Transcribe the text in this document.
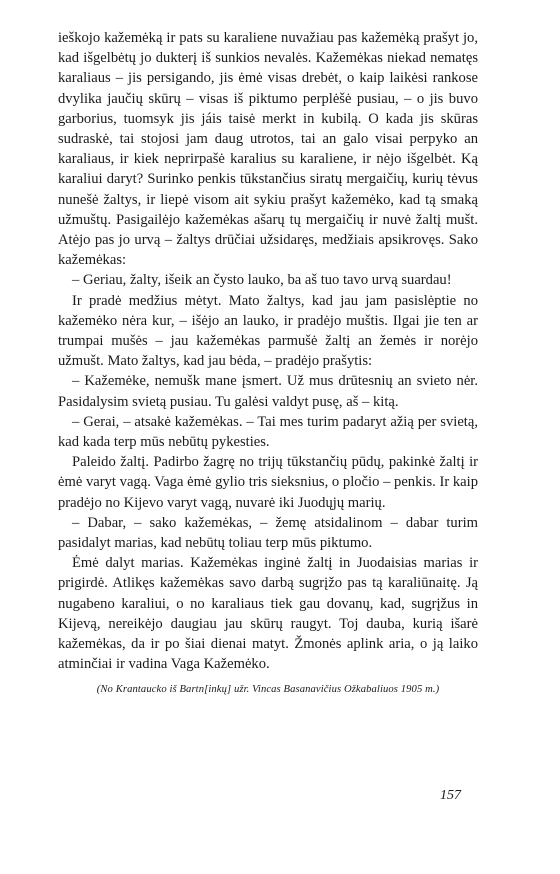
ieškojo kažemėką ir pats su karaliene nuvažiau pas kažemėką prašyt jo, kad išgelbėtų jo dukterį iš sunkios nevalės. Kažemėkas niekad nematęs karaliaus – jis persigando, jis ėmė visas drebėt, o kaip laikėsi rankose dvylika jaučių skūrų – visas iš piktumo perplėšė pusiau, – o jis buvo garborius, tuomsyk jis jáis taisė merkt in kubilą. O kada jis skūras sudraskė, tai stojosi jam daug utrotos, tai an galo visai perpyko an karaliaus, ir kiek neprirpašė karalius su karaliene, ir nėjo išgelbėt. Ką karaliui daryt? Surinko penkis tūkstančius siratų mergaičių, kurių tėvus nunešė žaltys, ir liepė visom ait sykiu prašyt kažemėko, kad tą smaką užmuštų. Pasigailėjo kažemėkas ašarų tų mergaičių ir nuvė žaltį mušt. Atėjo pas jo urvą – žaltys drūčiai užsidaręs, medžiais apsikrovęs. Sako kažemėkas:

– Geriau, žalty, išeik an čysto lauko, ba aš tuo tavo urvą suardau!

Ir pradė medžius mėtyt. Mato žaltys, kad jau jam pasislėptie no kažemėko nėra kur, – išėjo an lauko, ir pradėjo muštis. Ilgai jie ten ar trumpai mušės – jau kažemėkas parmušė žaltį an žemės ir norėjo užmušt. Mato žaltys, kad jau bėda, – pradėjo prašytis:

– Kažemėke, nemušk mane įsmert. Už mus drūtesnių an svieto nėr. Pasidalysim svietą pusiau. Tu galėsi valdyt pusę, aš – kitą.

– Gerai, – atsakė kažemėkas. – Tai mes turim padaryt ažią per svietą, kad kada terp mūs nebūtų pykesties.

Paleido žaltį. Padirbo žagrę no trijų tūkstančių pūdų, pakinkė žaltį ir ėmė varyt vagą. Vaga ėmė gylio tris sieksnius, o pločio – penkis. Ir kaip pradėjo no Kijevo varyt vagą, nuvarė iki Juodųjų marių.

– Dabar, – sako kažemėkas, – žemę atsidalinom – dabar turim pasidalyt marias, kad nebūtų toliau terp mūs piktumo.

Ėmė dalyt marias. Kažemėkas inginė žaltį in Juodaisias marias ir prigirdė. Atlikęs kažemėkas savo darbą sugrįžo pas tą karaliūnaitę. Ją nugabeno karaliui, o no karaliaus tiek gau dovanų, kad, sugrįžus in Kijevą, nereikėjo daugiau jau skūrų raugyt. Toj dauba, kurią išarė kažemėkas, da ir po šiai dienai matyt. Žmonės aplink aria, o ją laiko atminčiai ir vadina Vaga Kažemėko.

(No Krantaucko iš Bartn[inkų] užr. Vincas Basanavičius Ožkabaliuos 1905 m.)
157
